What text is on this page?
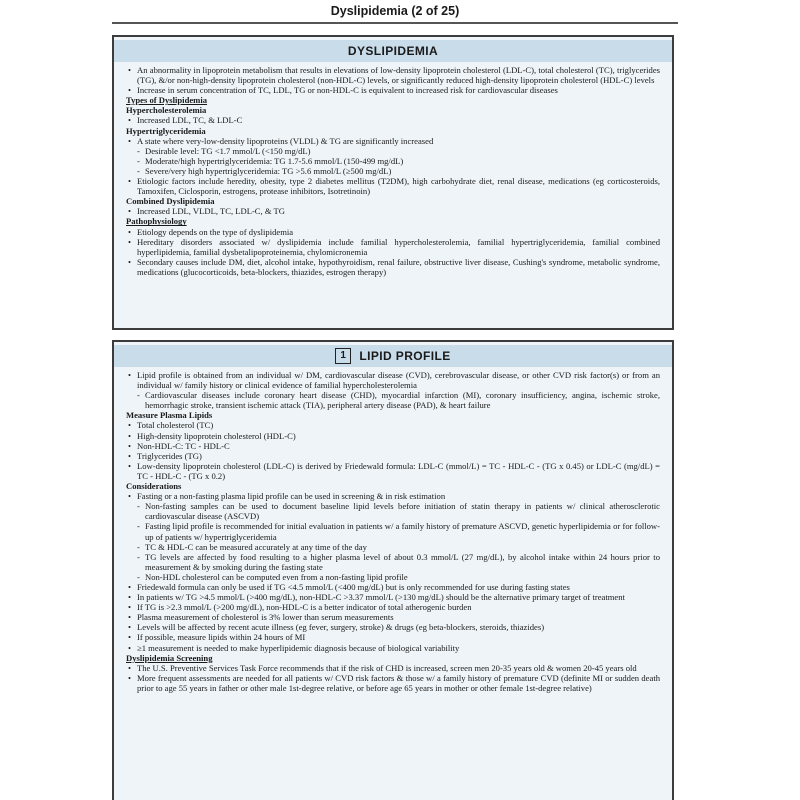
Dyslipidemia (2 of 25)
DYSLIPIDEMIA
• An abnormality in lipoprotein metabolism that results in elevations of low-density lipoprotein cholesterol (LDL-C), total cholesterol (TC), triglycerides (TG), &/or non-high-density lipoprotein cholesterol (non-HDL-C) levels, or significantly reduced high-density lipoprotein cholesterol (HDL-C) levels
• Increase in serum concentration of TC, LDL, TG or non-HDL-C is equivalent to increased risk for cardiovascular diseases
Types of Dyslipidemia
Hypercholesterolemia
• Increased LDL, TC, & LDL-C
Hypertriglyceridemia
• A state where very-low-density lipoproteins (VLDL) & TG are significantly increased
- Desirable level: TG <1.7 mmol/L (<150 mg/dL)
- Moderate/high hypertriglyceridemia: TG 1.7-5.6 mmol/L (150-499 mg/dL)
- Severe/very high hypertriglyceridemia: TG >5.6 mmol/L (≥500 mg/dL)
• Etiologic factors include heredity, obesity, type 2 diabetes mellitus (T2DM), high carbohydrate diet, renal disease, medications (eg corticosteroids, Tamoxifen, Ciclosporin, estrogens, protease inhibitors, Isotretinoin)
Combined Dyslipidemia
• Increased LDL, VLDL, TC, LDL-C, & TG
Pathophysiology
• Etiology depends on the type of dyslipidemia
• Hereditary disorders associated w/ dyslipidemia include familial hypercholesterolemia, familial hypertriglyceridemia, familial combined hyperlipidemia, familial dysbetalipoproteinemia, chylomicronemia
• Secondary causes include DM, diet, alcohol intake, hypothyroidism, renal failure, obstructive liver disease, Cushing's syndrome, metabolic syndrome, medications (glucocorticoids, beta-blockers, thiazides, estrogen therapy)
1	LIPID PROFILE
• Lipid profile is obtained from an individual w/ DM, cardiovascular disease (CVD), cerebrovascular disease, or other CVD risk factor(s) or from an individual w/ family history or clinical evidence of familial hypercholesterolemia
- Cardiovascular diseases include coronary heart disease (CHD), myocardial infarction (MI), coronary insufficiency, angina, ischemic stroke, hemorrhagic stroke, transient ischemic attack (TIA), peripheral artery disease (PAD), & heart failure
Measure Plasma Lipids
• Total cholesterol (TC)
• High-density lipoprotein cholesterol (HDL-C)
• Non-HDL-C: TC - HDL-C
• Triglycerides (TG)
• Low-density lipoprotein cholesterol (LDL-C) is derived by Friedewald formula: LDL-C (mmol/L) = TC - HDL-C - (TG x 0.45) or LDL-C (mg/dL) = TC - HDL-C - (TG x 0.2)
Considerations
• Fasting or a non-fasting plasma lipid profile can be used in screening & in risk estimation
- Non-fasting samples can be used to document baseline lipid levels before initiation of statin therapy in patients w/ clinical atherosclerotic cardiovascular disease (ASCVD)
- Fasting lipid profile is recommended for initial evaluation in patients w/ a family history of premature ASCVD, genetic hyperlipidemia or for follow-up of patients w/ hypertriglyceridemia
- TC & HDL-C can be measured accurately at any time of the day
- TG levels are affected by food resulting to a higher plasma level of about 0.3 mmol/L (27 mg/dL), by alcohol intake within 24 hours prior to measurement & by smoking during the fasting state
- Non-HDL cholesterol can be computed even from a non-fasting lipid profile
• Friedewald formula can only be used if TG <4.5 mmol/L (<400 mg/dL) but is only recommended for use during fasting states
• In patients w/ TG >4.5 mmol/L (>400 mg/dL), non-HDL-C >3.37 mmol/L (>130 mg/dL) should be the alternative primary target of treatment
• If TG is >2.3 mmol/L (>200 mg/dL), non-HDL-C is a better indicator of total atherogenic burden
• Plasma measurement of cholesterol is 3% lower than serum measurements
• Levels will be affected by recent acute illness (eg fever, surgery, stroke) & drugs (eg beta-blockers, steroids, thiazides)
• If possible, measure lipids within 24 hours of MI
• ≥1 measurement is needed to make hyperlipidemic diagnosis because of biological variability
Dyslipidemia Screening
• The U.S. Preventive Services Task Force recommends that if the risk of CHD is increased, screen men 20-35 years old & women 20-45 years old
• More frequent assessments are needed for all patients w/ CVD risk factors & those w/ a family history of premature CVD (definite MI or sudden death prior to age 55 years in father or other male 1st-degree relative, or before age 65 years in mother or other female 1st-degree relative)
